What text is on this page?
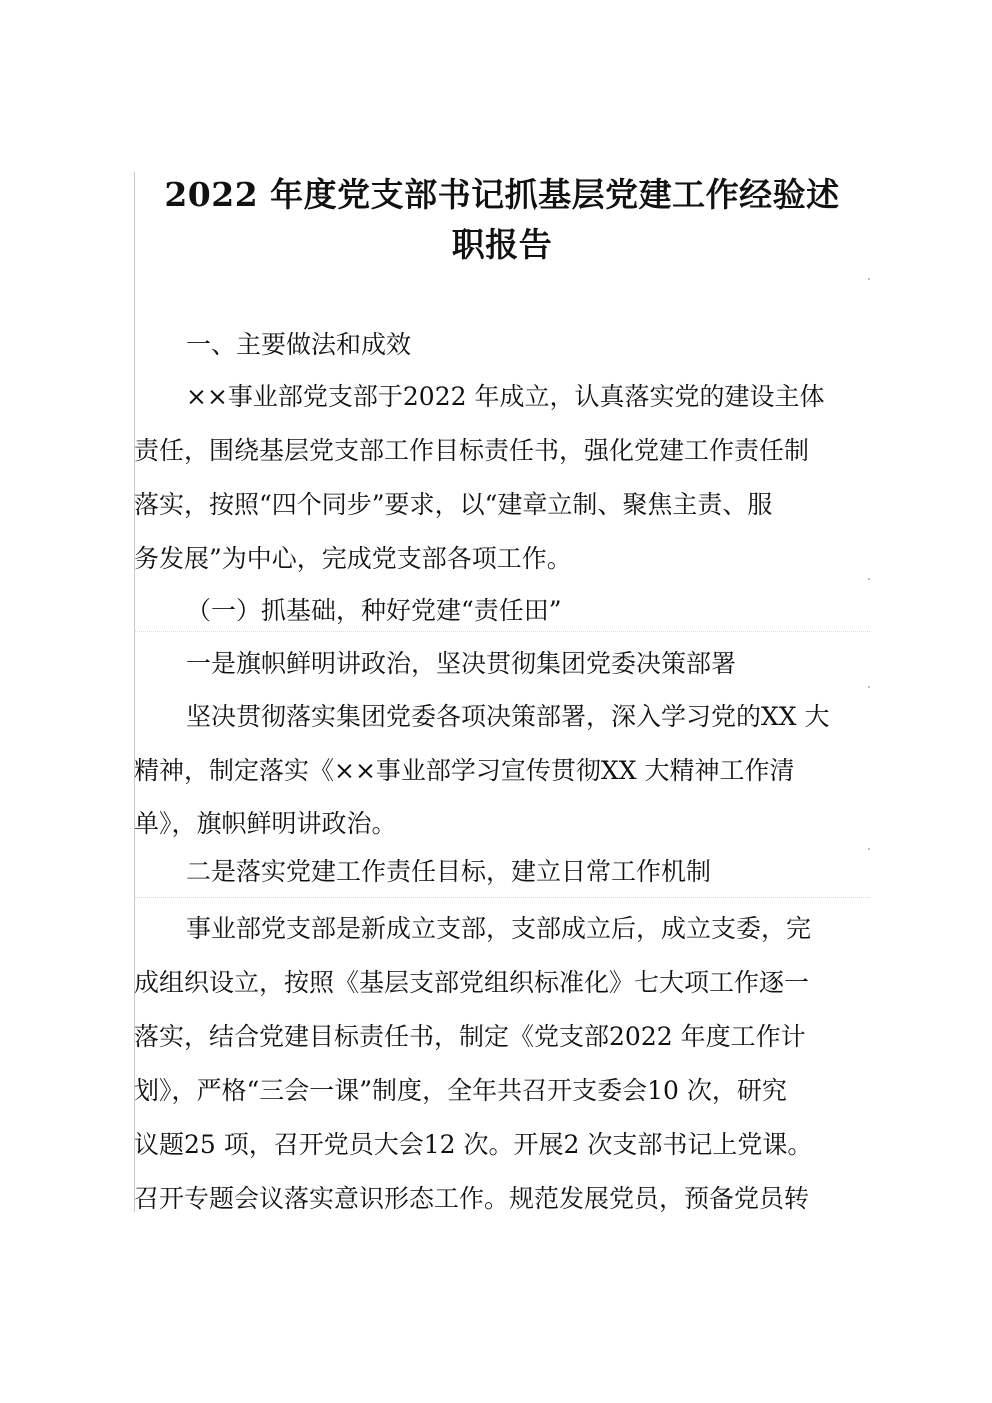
2022 年度党支部书记抓基层党建工作经验述
职报告
一、主要做法和成效
××事业部党支部于2022 年成立，认真落实党的建设主体
责任，围绕基层党支部工作目标责任书，强化党建工作责任制
落实，按照“四个同步”要求，以“建章立制、聚焦主责、服
务发展”为中心，完成党支部各项工作。
（一）抓基础，种好党建“责任田”
一是旗帜鲜明讲政治，坚决贯彻集团党委决策部署
坚决贯彻落实集团党委各项决策部署，深入学习党的XX 大
精神，制定落实《××事业部学习宣传贯彻XX 大精神工作清
单》，旗帜鲜明讲政治。
二是落实党建工作责任目标，建立日常工作机制
事业部党支部是新成立支部，支部成立后，成立支委，完
成组织设立，按照《基层支部党组织标准化》七大项工作逐一
落实，结合党建目标责任书，制定《党支部2022 年度工作计
划》，严格“三会一课”制度，全年共召开支委会10 次，研究
议题25 项，召开党员大会12 次。开展2 次支部书记上党课。
召开专题会议落实意识形态工作。规范发展党员，预备党员转
